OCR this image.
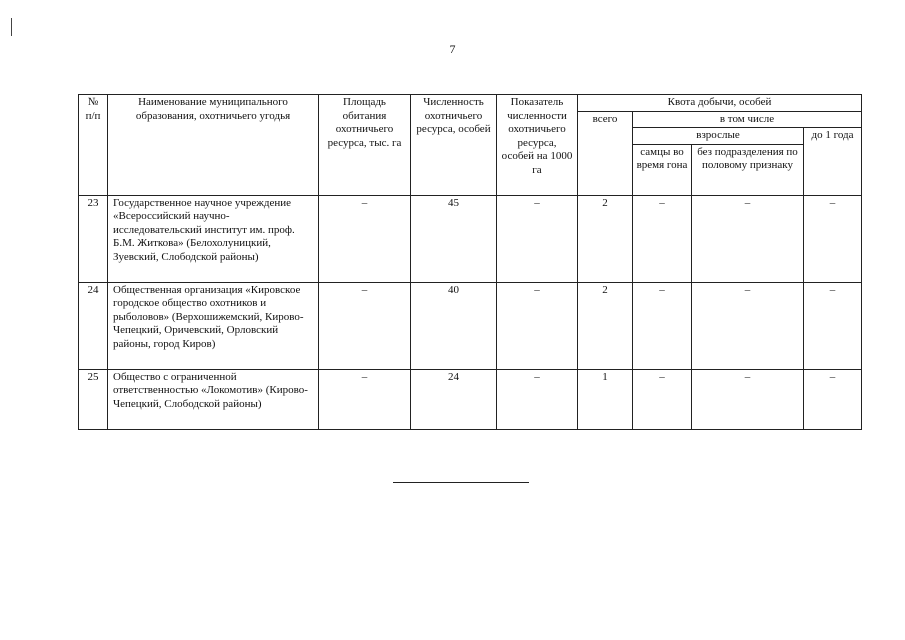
7
№ п/п	Наименование муниципального образования, охотничьего угодья	Площадь обитания охотничьего ресурса, тыс. га	Численность охотничьего ресурса, особей	Показатель численности охотничьего ресурса, особей на 1000 га	Квота добычи, особей			
					всего	в том числе		
						взрослые		до 1 года
						самцы во время гона	без подразделения по половому признаку	
23	Государственное научное учреждение «Всероссийский научно-исследовательский институт им. проф. Б.М. Житкова» (Белохолуницкий, Зуевский, Слободской районы)	–	45	–	2	–	–	–
24	Общественная организация «Кировское городское общество охотников и рыболовов» (Верхошижемский, Кирово-Чепецкий, Оричевский, Орловский районы, город Киров)	–	40	–	2	–	–	–
25	Общество с ограниченной ответственностью «Локомотив» (Кирово-Чепецкий, Слободской районы)	–	24	–	1	–	–	–
